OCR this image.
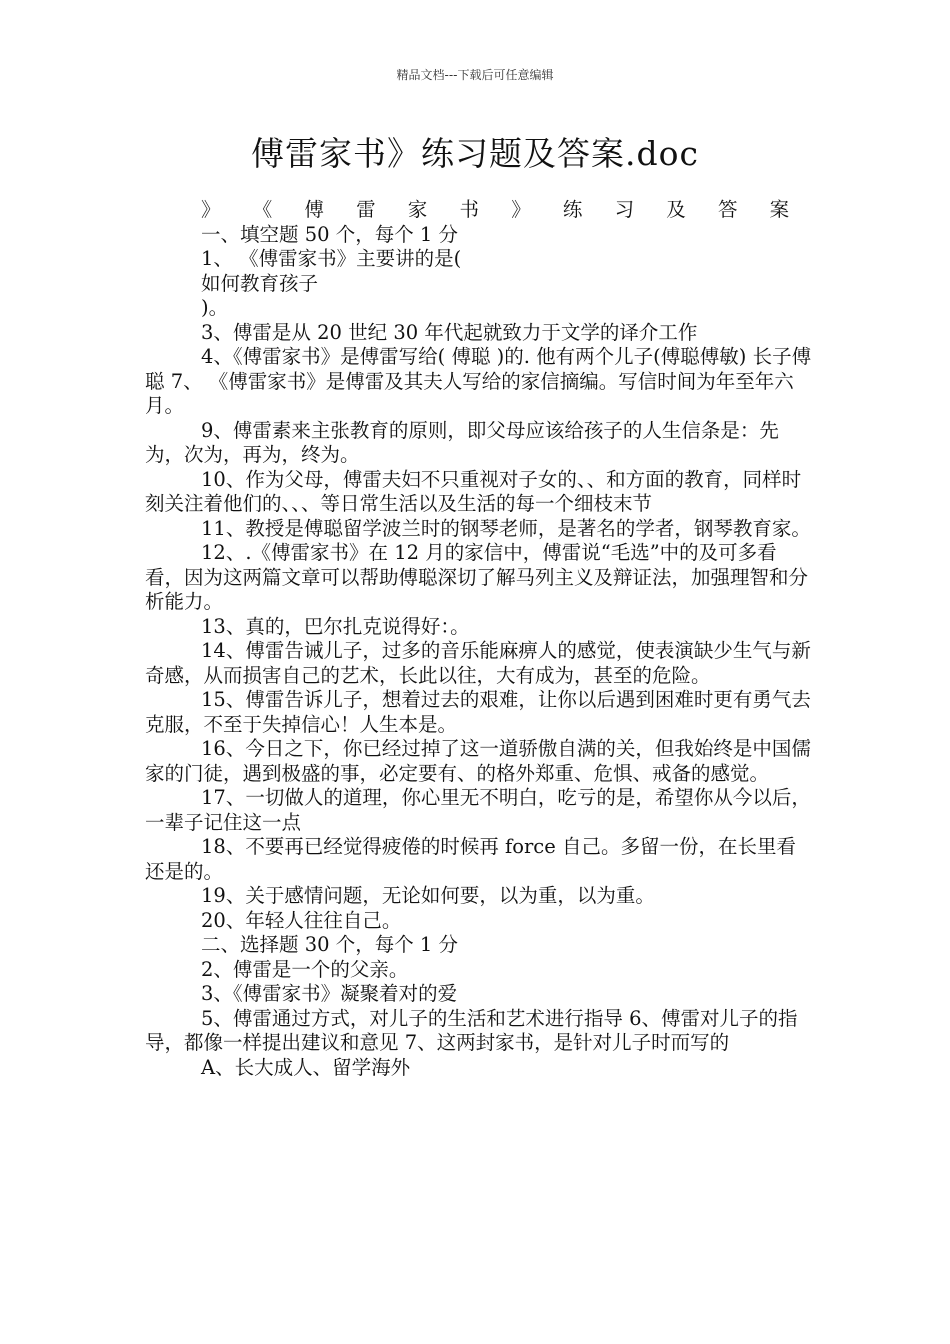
精品文档---下载后可任意编辑
傅雷家书》练习题及答案.doc

》 《 傅 雷 家 书 》 练 习 及 答 案

一、填空题 50 个，每个 1 分

1、 《傅雷家书》主要讲的是(

如何教育孩子

)。

3、傅雷是从 20 世纪 30 年代起就致力于文学的译介工作

4、《傅雷家书》是傅雷写给( 傅聪 )的. 他有两个儿子(傅聪傅敏) 长子傅聪 7、 《傅雷家书》是傅雷及其夫人写给的家信摘编。写信时间为年至年六月。

9、傅雷素来主张教育的原则，即父母应该给孩子的人生信条是：先为，次为，再为，终为。

10、作为父母，傅雷夫妇不只重视对子女的、、和方面的教育，同样时刻关注着他们的、、、等日常生活以及生活的每一个细枝末节

11、教授是傅聪留学波兰时的钢琴老师，是著名的学者，钢琴教育家。

12、.《傅雷家书》在 12 月的家信中，傅雷说“毛选”中的及可多看看，因为这两篇文章可以帮助傅聪深切了解马列主义及辩证法，加强理智和分析能力。

13、真的，巴尔扎克说得好：。

14、傅雷告诫儿子，过多的音乐能麻痹人的感觉，使表演缺少生气与新奇感，从而损害自己的艺术，长此以往，大有成为，甚至的危险。

15、傅雷告诉儿子，想着过去的艰难，让你以后遇到困难时更有勇气去克服，不至于失掉信心！人生本是。

16、今日之下，你已经过掉了这一道骄傲自满的关，但我始终是中国儒家的门徒，遇到极盛的事，必定要有、的格外郑重、危惧、戒备的感觉。

17、一切做人的道理，你心里无不明白，吃亏的是，希望你从今以后，一辈子记住这一点

18、不要再已经觉得疲倦的时候再 force 自己。多留一份，在长里看还是的。

19、关于感情问题，无论如何要，以为重，以为重。

20、年轻人往往自己。

二、选择题 30 个，每个 1 分

2、傅雷是一个的父亲。

3、《傅雷家书》凝聚着对的爱

5、傅雷通过方式，对儿子的生活和艺术进行指导 6、傅雷对儿子的指导，都像一样提出建议和意见 7、这两封家书，是针对儿子时而写的

A、长大成人、留学海外
